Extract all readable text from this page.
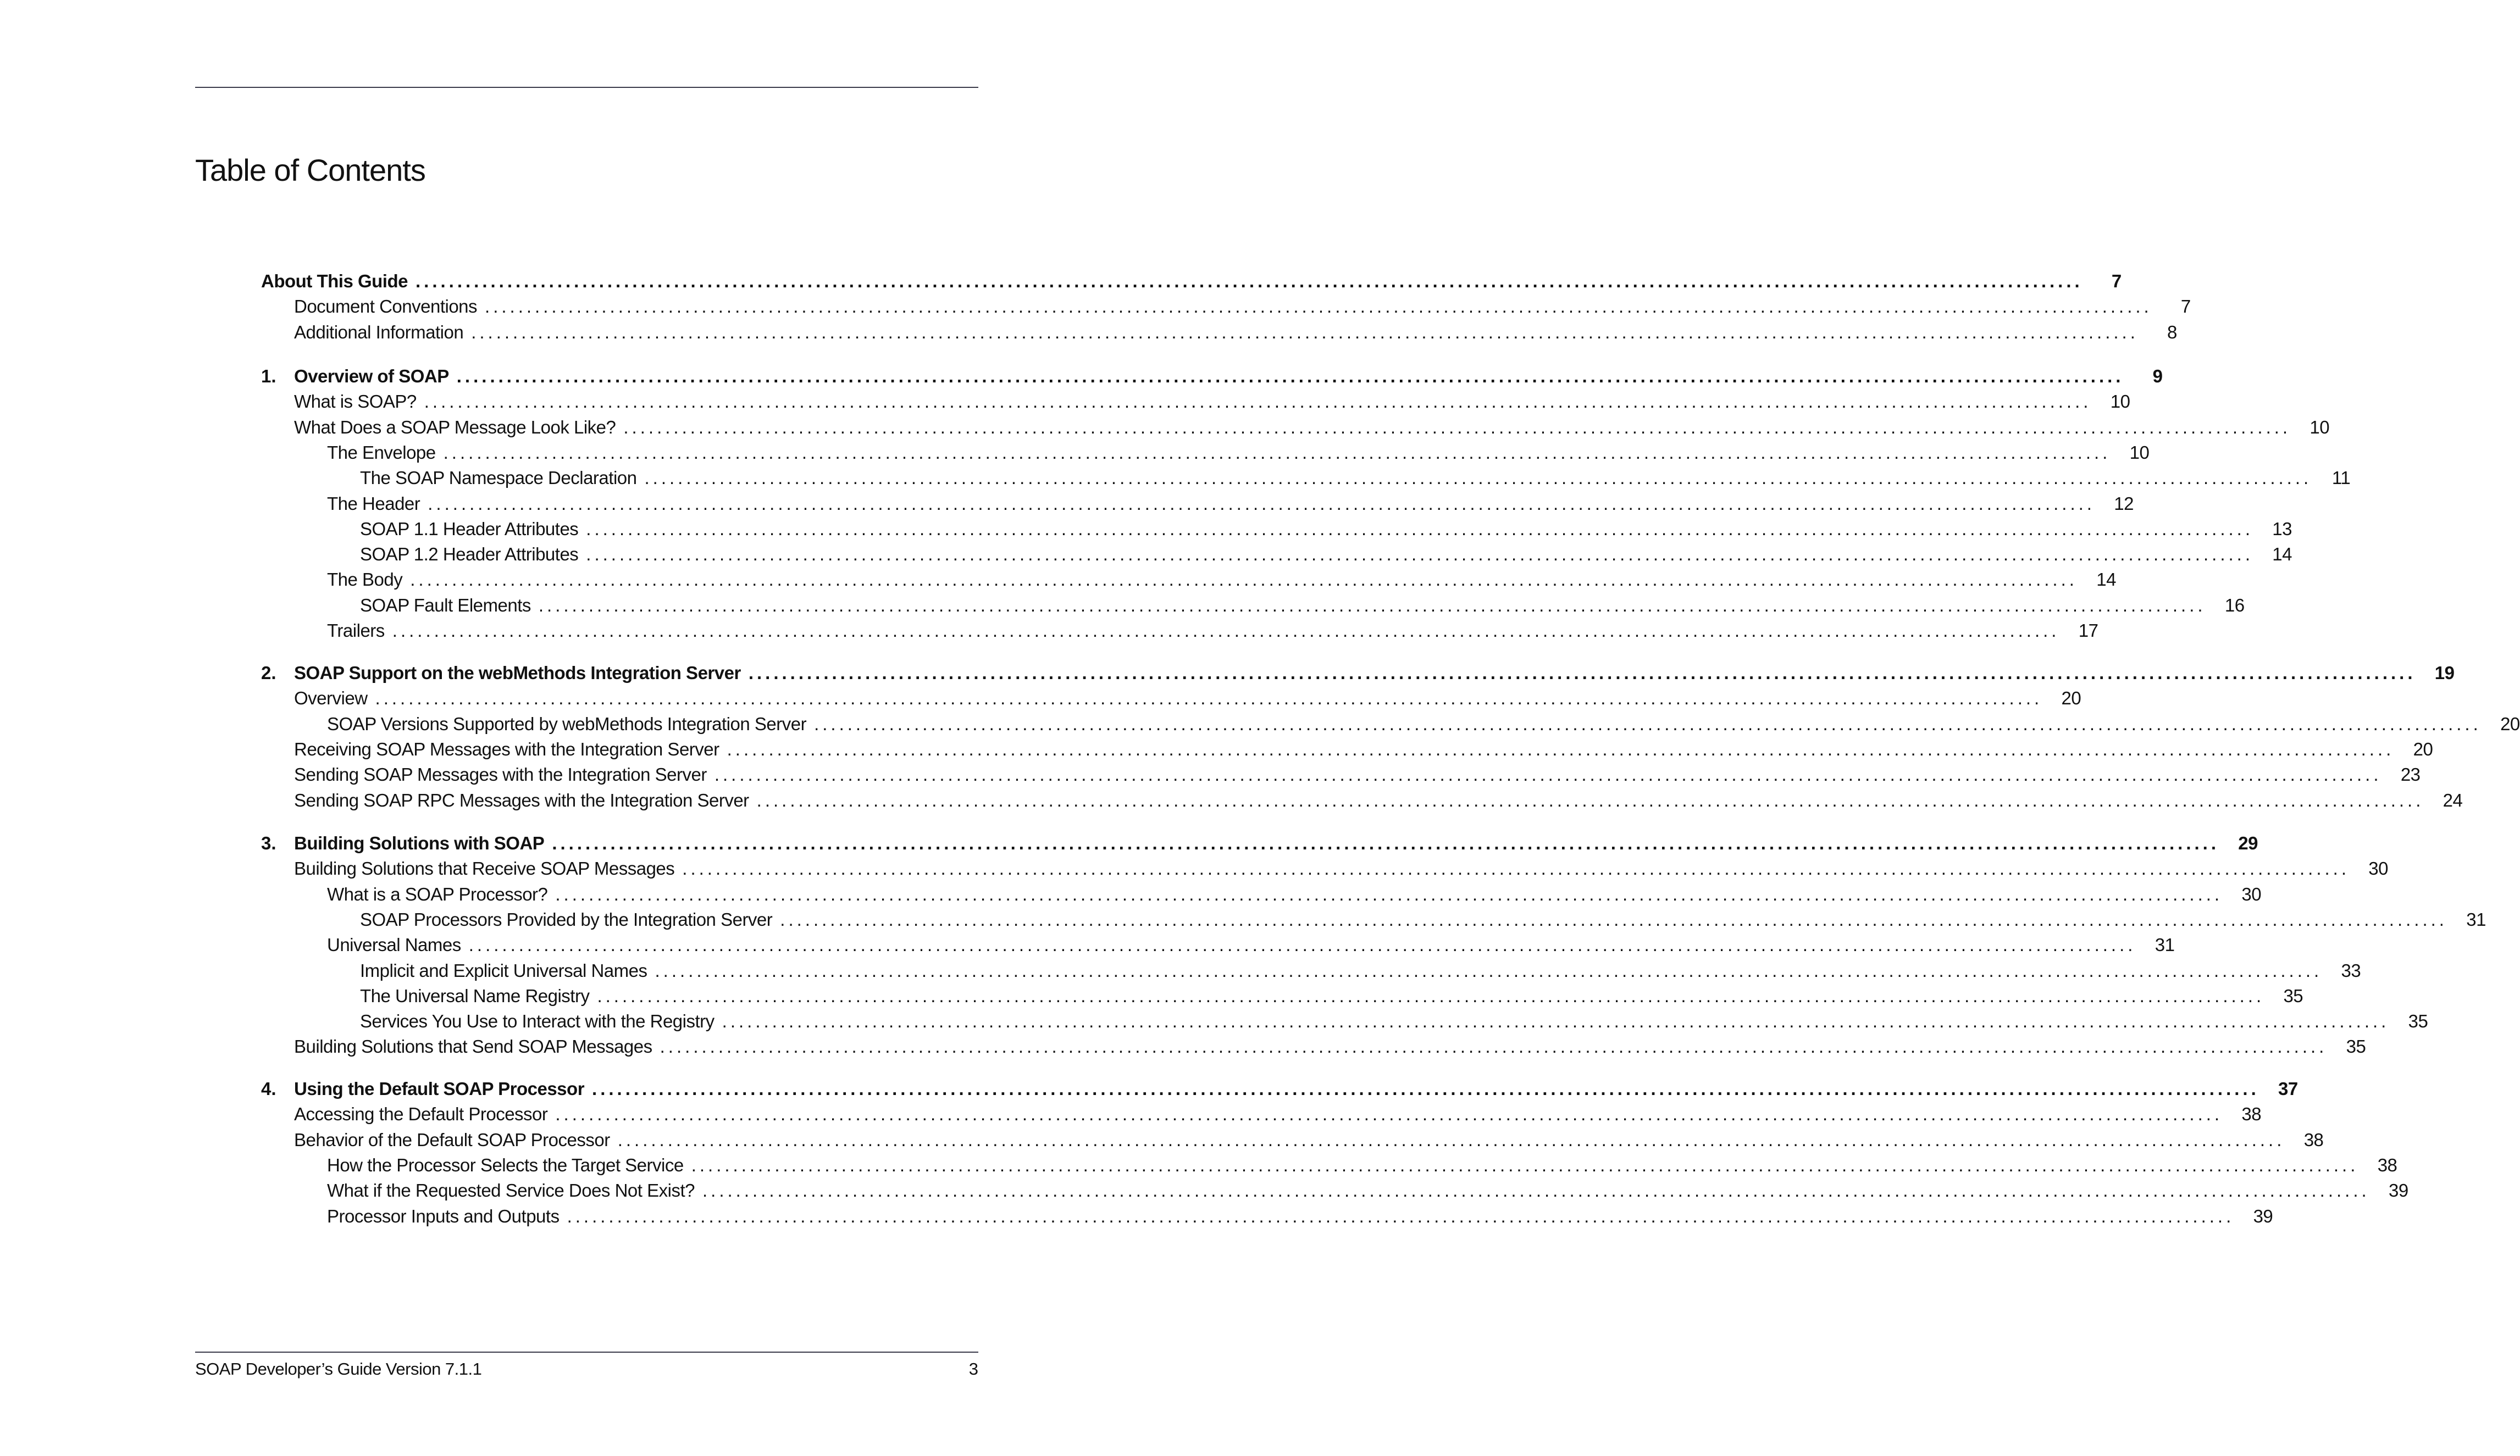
Table of Contents
About This Guide ........................................................................................................................................................................................................	7
Document Conventions ........................................................................................................................................................................................................	7
Additional Information ........................................................................................................................................................................................................	8
1. Overview of SOAP ........................................................................................................................................................................................................	9
What is SOAP? ........................................................................................................................................................................................................	10
What Does a SOAP Message Look Like? ........................................................................................................................................................................................................	10
The Envelope ........................................................................................................................................................................................................	10
The SOAP Namespace Declaration ........................................................................................................................................................................................................	11
The Header ........................................................................................................................................................................................................	12
SOAP 1.1 Header Attributes ........................................................................................................................................................................................................	13
SOAP 1.2 Header Attributes ........................................................................................................................................................................................................	14
The Body ........................................................................................................................................................................................................	14
SOAP Fault Elements ........................................................................................................................................................................................................	16
Trailers ........................................................................................................................................................................................................	17
2. SOAP Support on the webMethods Integration Server ........................................................................................................................................................................................................	19
Overview ........................................................................................................................................................................................................	20
SOAP Versions Supported by webMethods Integration Server ........................................................................................................................................................................................................	20
Receiving SOAP Messages with the Integration Server ........................................................................................................................................................................................................	20
Sending SOAP Messages with the Integration Server ........................................................................................................................................................................................................	23
Sending SOAP RPC Messages with the Integration Server ........................................................................................................................................................................................................	24
3. Building Solutions with SOAP ........................................................................................................................................................................................................	29
Building Solutions that Receive SOAP Messages ........................................................................................................................................................................................................	30
What is a SOAP Processor? ........................................................................................................................................................................................................	30
SOAP Processors Provided by the Integration Server ........................................................................................................................................................................................................	31
Universal Names ........................................................................................................................................................................................................	31
Implicit and Explicit Universal Names ........................................................................................................................................................................................................	33
The Universal Name Registry ........................................................................................................................................................................................................	35
Services You Use to Interact with the Registry ........................................................................................................................................................................................................	35
Building Solutions that Send SOAP Messages ........................................................................................................................................................................................................	35
4. Using the Default SOAP Processor ........................................................................................................................................................................................................	37
Accessing the Default Processor ........................................................................................................................................................................................................	38
Behavior of the Default SOAP Processor ........................................................................................................................................................................................................	38
How the Processor Selects the Target Service ........................................................................................................................................................................................................	38
What if the Requested Service Does Not Exist? ........................................................................................................................................................................................................	39
Processor Inputs and Outputs ........................................................................................................................................................................................................	39
SOAP Developer’s Guide Version 7.1.1	3
